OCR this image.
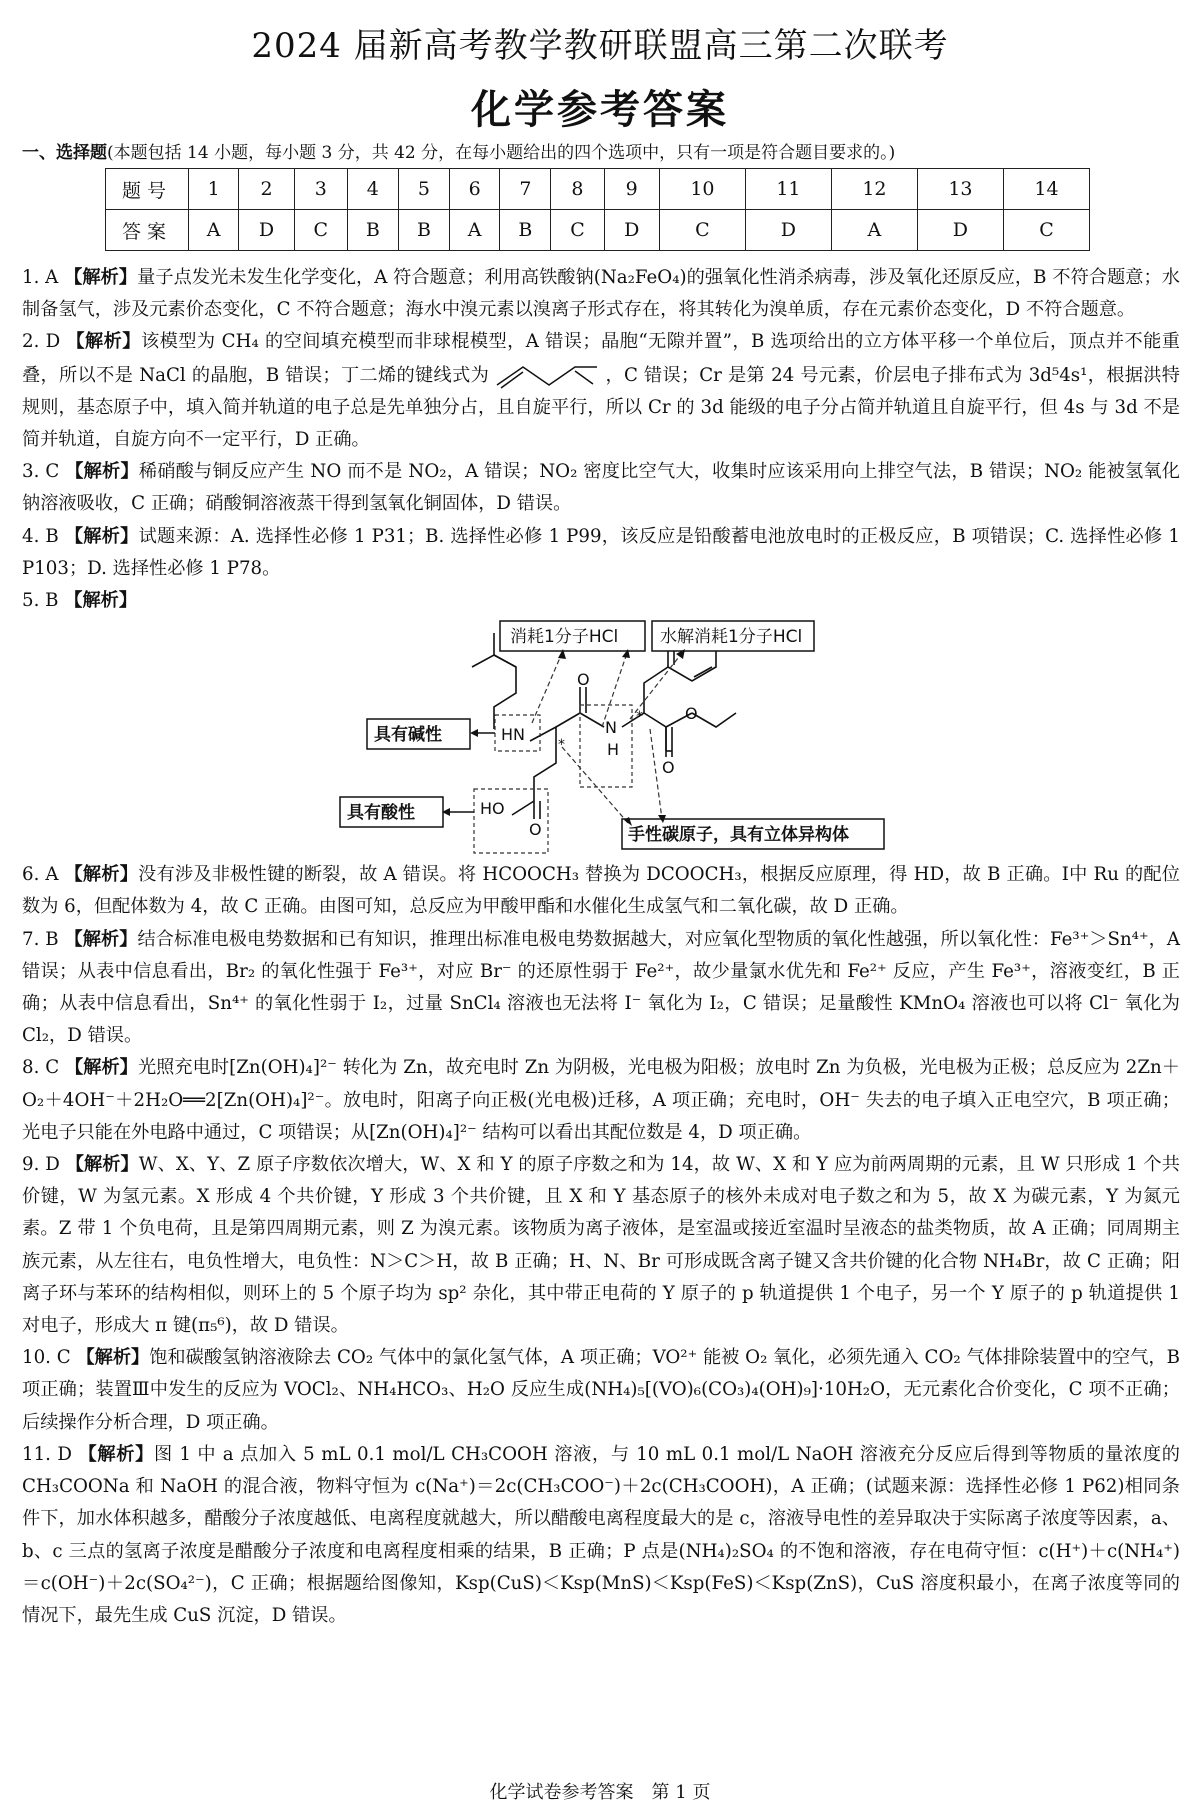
2024 届新高考教学教研联盟高三第二次联考
化学参考答案
一、选择题(本题包括 14 小题，每小题 3 分，共 42 分，在每小题给出的四个选项中，只有一项是符合题目要求的。)
题号	1	2	3	4	5	6	7	8	9	10	11	12	13	14
答案	A	D	C	B	B	A	B	C	D	C	D	A	D	C

1. A 【解析】量子点发光未发生化学变化，A 符合题意；利用高铁酸钠(Na₂FeO₄)的强氧化性消杀病毒，涉及氧化还原反应，B 不符合题意；水制备氢气，涉及元素价态变化，C 不符合题意；海水中溴元素以溴离子形式存在，将其转化为溴单质，存在元素价态变化，D 不符合题意。

2. D 【解析】该模型为 CH₄ 的空间填充模型而非球棍模型，A 错误；晶胞“无隙并置”，B 选项给出的立方体平移一个单位后，顶点并不能重叠，所以不是 NaCl 的晶胞，B 错误；丁二烯的键线式为	，C 错误；Cr 是第 24 号元素，价层电子排布式为 3d⁵4s¹，根据洪特规则，基态原子中，填入简并轨道的电子总是先单独分占，且自旋平行，所以 Cr 的 3d 能级的电子分占简并轨道且自旋平行，但 4s 与 3d 不是简并轨道，自旋方向不一定平行，D 正确。

3. C 【解析】稀硝酸与铜反应产生 NO 而不是 NO₂，A 错误；NO₂ 密度比空气大，收集时应该采用向上排空气法，B 错误；NO₂ 能被氢氧化钠溶液吸收，C 正确；硝酸铜溶液蒸干得到氢氧化铜固体，D 错误。

4. B 【解析】试题来源：A. 选择性必修 1 P31；B. 选择性必修 1 P99，该反应是铅酸蓄电池放电时的正极反应，B 项错误；C. 选择性必修 1 P103；D. 选择性必修 1 P78。

5. B 【解析】

消耗1分子HCl 水解消耗1分子HCl
具有碱性
具有酸性
手性碳原子，具有立体异构体
HN	N
H
HO
O
O
O
O
*
*

6. A 【解析】没有涉及非极性键的断裂，故 A 错误。将 HCOOCH₃ 替换为 DCOOCH₃，根据反应原理，得 HD，故 B 正确。Ⅰ中 Ru 的配位数为 6，但配体数为 4，故 C 正确。由图可知，总反应为甲酸甲酯和水催化生成氢气和二氧化碳，故 D 正确。

7. B 【解析】结合标准电极电势数据和已有知识，推理出标准电极电势数据越大，对应氧化型物质的氧化性越强，所以氧化性：Fe³⁺＞Sn⁴⁺，A 错误；从表中信息看出，Br₂ 的氧化性强于 Fe³⁺，对应 Br⁻ 的还原性弱于 Fe²⁺，故少量氯水优先和 Fe²⁺ 反应，产生 Fe³⁺，溶液变红，B 正确；从表中信息看出，Sn⁴⁺ 的氧化性弱于 I₂，过量 SnCl₄ 溶液也无法将 I⁻ 氧化为 I₂，C 错误；足量酸性 KMnO₄ 溶液也可以将 Cl⁻ 氧化为 Cl₂，D 错误。

8. C 【解析】光照充电时[Zn(OH)₄]²⁻ 转化为 Zn，故充电时 Zn 为阴极，光电极为阳极；放电时 Zn 为负极，光电极为正极；总反应为 2Zn＋O₂＋4OH⁻＋2H₂O══2[Zn(OH)₄]²⁻。放电时，阳离子向正极(光电极)迁移，A 项正确；充电时，OH⁻ 失去的电子填入正电空穴，B 项正确；光电子只能在外电路中通过，C 项错误；从[Zn(OH)₄]²⁻ 结构可以看出其配位数是 4，D 项正确。

9. D 【解析】W、X、Y、Z 原子序数依次增大，W、X 和 Y 的原子序数之和为 14，故 W、X 和 Y 应为前两周期的元素，且 W 只形成 1 个共价键，W 为氢元素。X 形成 4 个共价键，Y 形成 3 个共价键，且 X 和 Y 基态原子的核外未成对电子数之和为 5，故 X 为碳元素，Y 为氮元素。Z 带 1 个负电荷，且是第四周期元素，则 Z 为溴元素。该物质为离子液体，是室温或接近室温时呈液态的盐类物质，故 A 正确；同周期主族元素，从左往右，电负性增大，电负性：N＞C＞H，故 B 正确；H、N、Br 可形成既含离子键又含共价键的化合物 NH₄Br，故 C 正确；阳离子环与苯环的结构相似，则环上的 5 个原子均为 sp² 杂化，其中带正电荷的 Y 原子的 p 轨道提供 1 个电子，另一个 Y 原子的 p 轨道提供 1 对电子，形成大 π 键(π₅⁶)，故 D 错误。

10. C 【解析】饱和碳酸氢钠溶液除去 CO₂ 气体中的氯化氢气体，A 项正确；VO²⁺ 能被 O₂ 氧化，必须先通入 CO₂ 气体排除装置中的空气，B 项正确；装置Ⅲ中发生的反应为 VOCl₂、NH₄HCO₃、H₂O 反应生成(NH₄)₅[(VO)₆(CO₃)₄(OH)₉]·10H₂O，无元素化合价变化，C 项不正确；后续操作分析合理，D 项正确。

11. D 【解析】图 1 中 a 点加入 5 mL 0.1 mol/L CH₃COOH 溶液，与 10 mL 0.1 mol/L NaOH 溶液充分反应后得到等物质的量浓度的 CH₃COONa 和 NaOH 的混合液，物料守恒为 c(Na⁺)＝2c(CH₃COO⁻)＋2c(CH₃COOH)，A 正确；(试题来源：选择性必修 1 P62)相同条件下，加水体积越多，醋酸分子浓度越低、电离程度就越大，所以醋酸电离程度最大的是 c，溶液导电性的差异取决于实际离子浓度等因素，a、b、c 三点的氢离子浓度是醋酸分子浓度和电离程度相乘的结果，B 正确；P 点是(NH₄)₂SO₄ 的不饱和溶液，存在电荷守恒：c(H⁺)＋c(NH₄⁺)＝c(OH⁻)＋2c(SO₄²⁻)，C 正确；根据题给图像知，Ksp(CuS)＜Ksp(MnS)＜Ksp(FeS)＜Ksp(ZnS)，CuS 溶度积最小，在离子浓度等同的情况下，最先生成 CuS 沉淀，D 错误。

化学试卷参考答案　第 1 页
